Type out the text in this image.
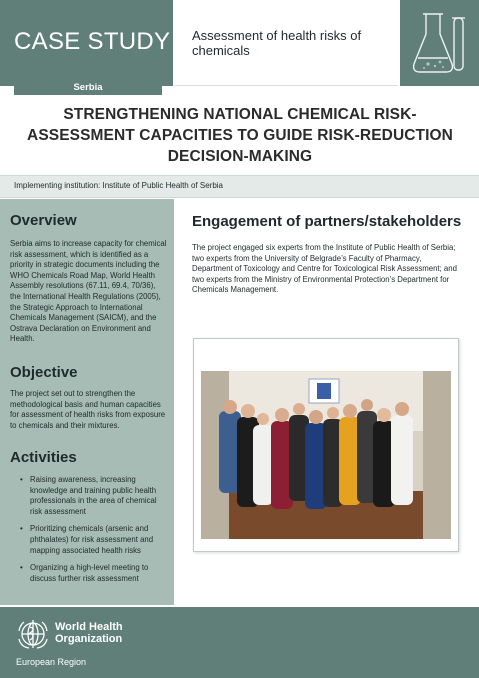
CASE STUDY Assessment of health risks of chemicals
Serbia
STRENGTHENING NATIONAL CHEMICAL RISK-ASSESSMENT CAPACITIES TO GUIDE RISK-REDUCTION DECISION-MAKING
Implementing institution: Institute of Public Health of Serbia
Overview
Serbia aims to increase capacity for chemical risk assessment, which is identified as a priority in strategic documents including the WHO Chemicals Road Map, World Health Assembly resolutions (67.11, 69.4, 70/36), the International Health Regulations (2005), the Strategic Approach to International Chemicals Management (SAICM), and the Ostrava Declaration on Environment and Health.
Objective
The project set out to strengthen the methodological basis and human capacities for assessment of health risks from exposure to chemicals and their mixtures.
Activities
• Raising awareness, increasing knowledge and training public health professionals in the area of chemical risk assessment
• Prioritizing chemicals (arsenic and phthalates) for risk assessment and mapping associated health risks
• Organizing a high-level meeting to discuss further risk assessment
Engagement of partners/stakeholders
The project engaged six experts from the Institute of Public Health of Serbia; two experts from the University of Belgrade’s Faculty of Pharmacy, Department of Toxicology and Centre for Toxicological Risk Assessment; and two experts from the Ministry of Environmental Protection’s Department for Chemicals Management.
World Health
Organization
European Region
